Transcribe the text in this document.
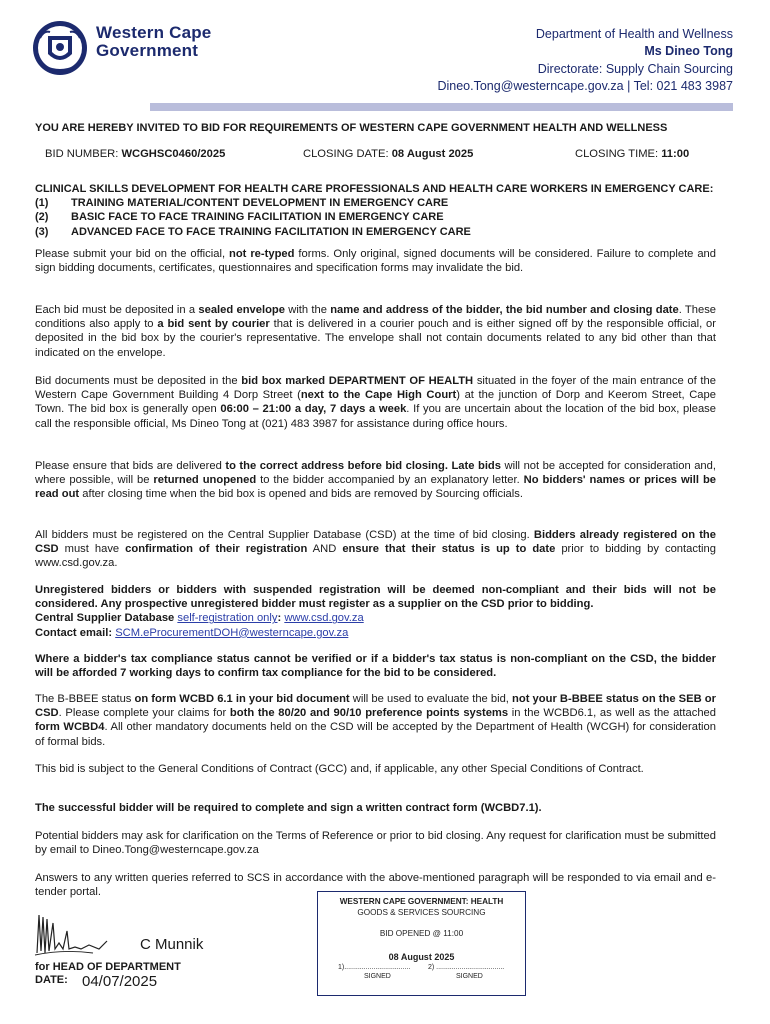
Western Cape
Government
Department of Health and Wellness
Ms Dineo Tong
Directorate: Supply Chain Sourcing
Dineo.Tong@westerncape.gov.za | Tel: 021 483 3987
YOU ARE HEREBY INVITED TO BID FOR REQUIREMENTS OF WESTERN CAPE GOVERNMENT HEALTH AND WELLNESS
BID NUMBER: WCGHSC0460/2025	CLOSING DATE: 08 August 2025	CLOSING TIME: 11:00
CLINICAL SKILLS DEVELOPMENT FOR HEALTH CARE PROFESSIONALS AND HEALTH CARE WORKERS IN EMERGENCY CARE:
(1) TRAINING MATERIAL/CONTENT DEVELOPMENT IN EMERGENCY CARE
(2) BASIC FACE TO FACE TRAINING FACILITATION IN EMERGENCY CARE
(3) ADVANCED FACE TO FACE TRAINING FACILITATION IN EMERGENCY CARE
Please submit your bid on the official, not re-typed forms. Only original, signed documents will be considered. Failure to complete and sign bidding documents, certificates, questionnaires and specification forms may invalidate the bid.
Each bid must be deposited in a sealed envelope with the name and address of the bidder, the bid number and closing date. These conditions also apply to a bid sent by courier that is delivered in a courier pouch and is either signed off by the responsible official, or deposited in the bid box by the courier's representative. The envelope shall not contain documents related to any bid other than that indicated on the envelope.
Bid documents must be deposited in the bid box marked DEPARTMENT OF HEALTH situated in the foyer of the main entrance of the Western Cape Government Building 4 Dorp Street (next to the Cape High Court) at the junction of Dorp and Keerom Street, Cape Town. The bid box is generally open 06:00 – 21:00 a day, 7 days a week. If you are uncertain about the location of the bid box, please call the responsible official, Ms Dineo Tong at (021) 483 3987 for assistance during office hours.
Please ensure that bids are delivered to the correct address before bid closing. Late bids will not be accepted for consideration and, where possible, will be returned unopened to the bidder accompanied by an explanatory letter. No bidders' names or prices will be read out after closing time when the bid box is opened and bids are removed by Sourcing officials.
All bidders must be registered on the Central Supplier Database (CSD) at the time of bid closing. Bidders already registered on the CSD must have confirmation of their registration AND ensure that their status is up to date prior to bidding by contacting www.csd.gov.za.
Unregistered bidders or bidders with suspended registration will be deemed non-compliant and their bids will not be considered. Any prospective unregistered bidder must register as a supplier on the CSD prior to bidding.
Central Supplier Database self-registration only: www.csd.gov.za
Contact email: SCM.eProcurementDOH@westerncape.gov.za
Where a bidder's tax compliance status cannot be verified or if a bidder's tax status is non-compliant on the CSD, the bidder will be afforded 7 working days to confirm tax compliance for the bid to be considered.
The B-BBEE status on form WCBD 6.1 in your bid document will be used to evaluate the bid, not your B-BBEE status on the SEB or CSD. Please complete your claims for both the 80/20 and 90/10 preference points systems in the WCBD6.1, as well as the attached form WCBD4. All other mandatory documents held on the CSD will be accepted by the Department of Health (WCGH) for consideration of formal bids.
This bid is subject to the General Conditions of Contract (GCC) and, if applicable, any other Special Conditions of Contract.
The successful bidder will be required to complete and sign a written contract form (WCBD7.1).
Potential bidders may ask for clarification on the Terms of Reference or prior to bid closing. Any request for clarification must be submitted by email to Dineo.Tong@westerncape.gov.za
Answers to any written queries referred to SCS in accordance with the above-mentioned paragraph will be responded to via email and e-tender portal.
C Munnik
for HEAD OF DEPARTMENT
DATE: 04/07/2025
WESTERN CAPE GOVERNMENT: HEALTH
GOODS & SERVICES SOURCING
BID OPENED @ 11:00
08 August 2025
1)..................................	2) ...................................
SIGNED	SIGNED
